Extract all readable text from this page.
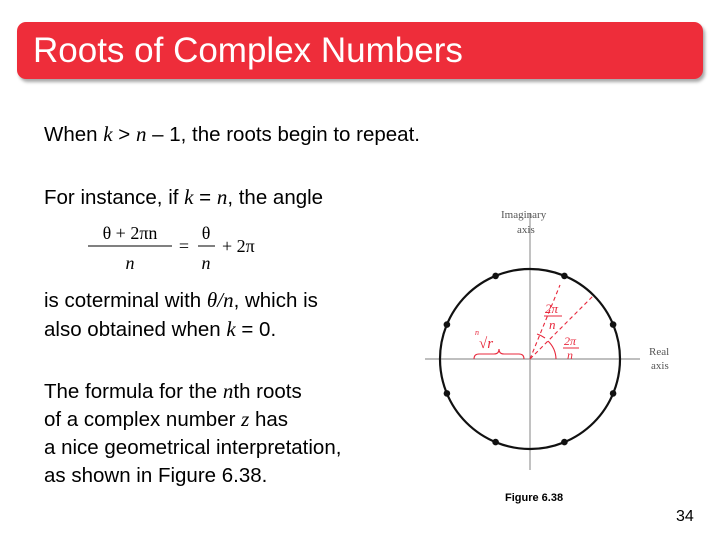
Roots of Complex Numbers
When k > n – 1, the roots begin to repeat.
For instance, if k = n, the angle
θ + 2πn
n
=
θ
n
+ 2π
is coterminal with θ/n, which is
also obtained when k = 0.
The formula for the nth roots
of a complex number z has
a nice geometrical interpretation,
as shown in Figure 6.38.
Imaginary
axis
Real
axis
n
√r
2π
n
2π
n
Figure 6.38
34
